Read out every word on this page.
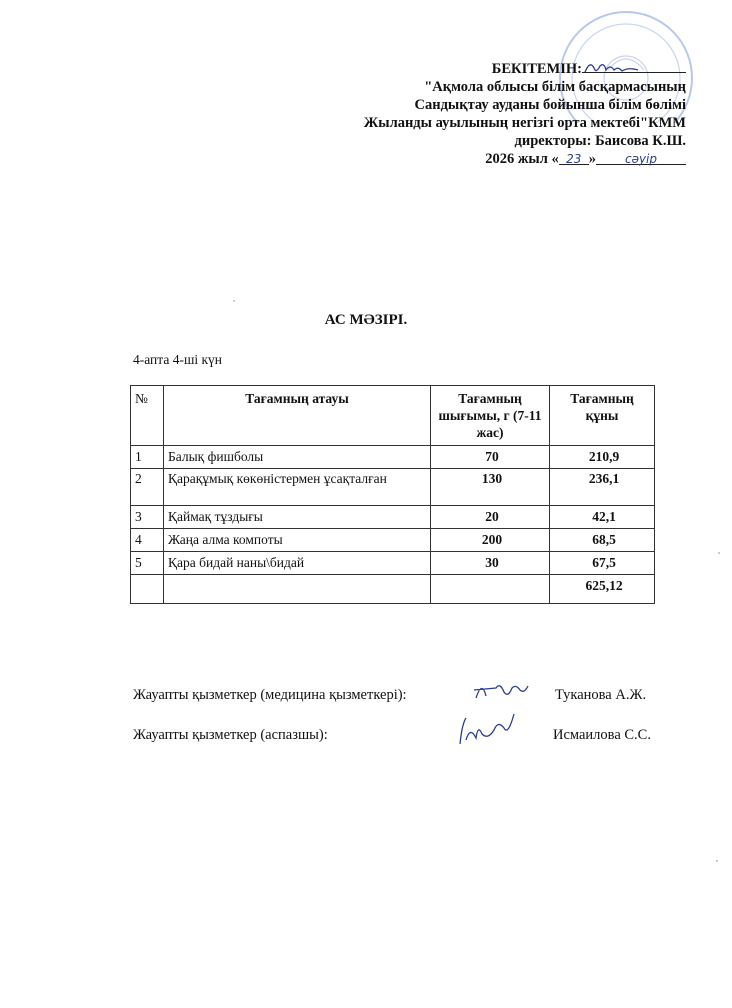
БЕКІТЕМІН:
"Ақмола облысы білім басқармасының
Сандықтау ауданы бойынша білім бөлімі
Жыланды ауылының негізгі орта мектебі"КММ
директоры: Баисова К.Ш.
2026 жыл « 23 » сәуір
АС МӘЗІРІ.
4-апта 4-ші күн
№	Тағамның атауы	Тағамның шығымы, г (7-11 жас)	Тағамның құны
1	Балық фишболы	70	210,9
2	Қарақұмық көкөністермен ұсақталған	130	236,1
3	Қаймақ тұздығы	20	42,1
4	Жаңа алма компоты	200	68,5
5	Қара бидай наны\бидай	30	67,5
			625,12
Жауапты қызметкер (медицина қызметкері):	Туканова А.Ж.
Жауапты қызметкер (аспазшы):	Исмаилова С.С.
